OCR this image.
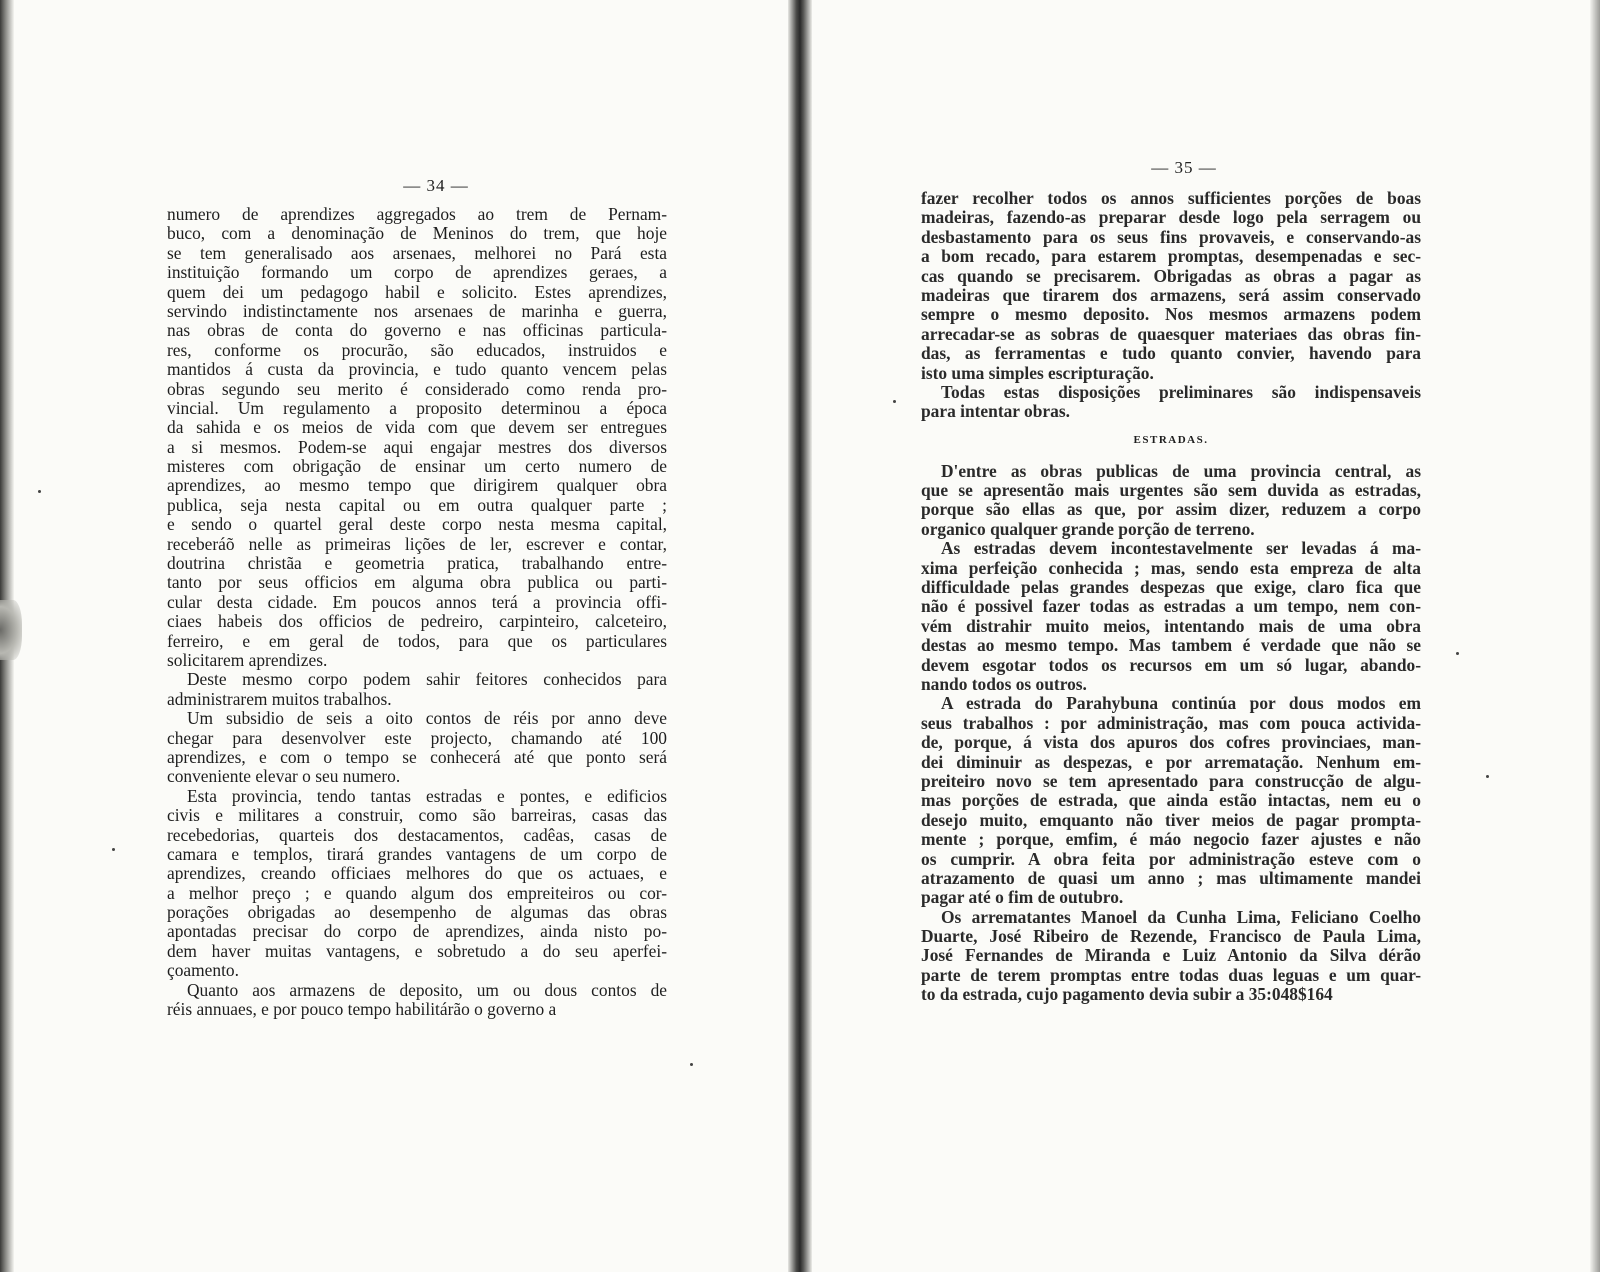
— 34 —
numero de aprendizes aggregados ao trem de Pernam-
buco, com a denominação de Meninos do trem, que hoje
se tem generalisado aos arsenaes, melhorei no Pará esta
instituição formando um corpo de aprendizes geraes, a
quem dei um pedagogo habil e solicito. Estes aprendizes,
servindo indistinctamente nos arsenaes de marinha e guerra,
nas obras de conta do governo e nas officinas particula-
res, conforme os procurão, são educados, instruidos e
mantidos á custa da provincia, e tudo quanto vencem pelas
obras segundo seu merito é considerado como renda pro-
vincial. Um regulamento a proposito determinou a época
da sahida e os meios de vida com que devem ser entregues
a si mesmos. Podem-se aqui engajar mestres dos diversos
misteres com obrigação de ensinar um certo numero de
aprendizes, ao mesmo tempo que dirigirem qualquer obra
publica, seja nesta capital ou em outra qualquer parte ;
e sendo o quartel geral deste corpo nesta mesma capital,
receberáõ nelle as primeiras lições de ler, escrever e contar,
doutrina christãa e geometria pratica, trabalhando entre-
tanto por seus officios em alguma obra publica ou parti-
cular desta cidade. Em poucos annos terá a provincia offi-
ciaes habeis dos officios de pedreiro, carpinteiro, calceteiro,
ferreiro, e em geral de todos, para que os particulares
solicitarem aprendizes.
Deste mesmo corpo podem sahir feitores conhecidos para
administrarem muitos trabalhos.
Um subsidio de seis a oito contos de réis por anno deve
chegar para desenvolver este projecto, chamando até 100
aprendizes, e com o tempo se conhecerá até que ponto será
conveniente elevar o seu numero.
Esta provincia, tendo tantas estradas e pontes, e edificios
civis e militares a construir, como são barreiras, casas das
recebedorias, quarteis dos destacamentos, cadêas, casas de
camara e templos, tirará grandes vantagens de um corpo de
aprendizes, creando officiaes melhores do que os actuaes, e
a melhor preço ; e quando algum dos empreiteiros ou cor-
porações obrigadas ao desempenho de algumas das obras
apontadas precisar do corpo de aprendizes, ainda nisto po-
dem haver muitas vantagens, e sobretudo a do seu aperfei-
çoamento.
Quanto aos armazens de deposito, um ou dous contos de
réis annuaes, e por pouco tempo habilitárão o governo a
— 35 —
fazer recolher todos os annos sufficientes porções de boas
madeiras, fazendo-as preparar desde logo pela serragem ou
desbastamento para os seus fins provaveis, e conservando-as
a bom recado, para estarem promptas, desempenadas e sec-
cas quando se precisarem. Obrigadas as obras a pagar as
madeiras que tirarem dos armazens, será assim conservado
sempre o mesmo deposito. Nos mesmos armazens podem
arrecadar-se as sobras de quaesquer materiaes das obras fin-
das, as ferramentas e tudo quanto convier, havendo para
isto uma simples escripturação.
Todas estas disposições preliminares são indispensaveis
para intentar obras.
ESTRADAS.
D'entre as obras publicas de uma provincia central, as
que se apresentão mais urgentes são sem duvida as estradas,
porque são ellas as que, por assim dizer, reduzem a corpo
organico qualquer grande porção de terreno.
As estradas devem incontestavelmente ser levadas á ma-
xima perfeição conhecida ; mas, sendo esta empreza de alta
difficuldade pelas grandes despezas que exige, claro fica que
não é possivel fazer todas as estradas a um tempo, nem con-
vém distrahir muito meios, intentando mais de uma obra
destas ao mesmo tempo. Mas tambem é verdade que não se
devem esgotar todos os recursos em um só lugar, abando-
nando todos os outros.
A estrada do Parahybuna continúa por dous modos em
seus trabalhos : por administração, mas com pouca activida-
de, porque, á vista dos apuros dos cofres provinciaes, man-
dei diminuir as despezas, e por arrematação. Nenhum em-
preiteiro novo se tem apresentado para construcção de algu-
mas porções de estrada, que ainda estão intactas, nem eu o
desejo muito, emquanto não tiver meios de pagar prompta-
mente ; porque, emfim, é máo negocio fazer ajustes e não
os cumprir. A obra feita por administração esteve com o
atrazamento de quasi um anno ; mas ultimamente mandei
pagar até o fim de outubro.
Os arrematantes Manoel da Cunha Lima, Feliciano Coelho
Duarte, José Ribeiro de Rezende, Francisco de Paula Lima,
José Fernandes de Miranda e Luiz Antonio da Silva dérão
parte de terem promptas entre todas duas leguas e um quar-
to da estrada, cujo pagamento devia subir a 35:048$164
